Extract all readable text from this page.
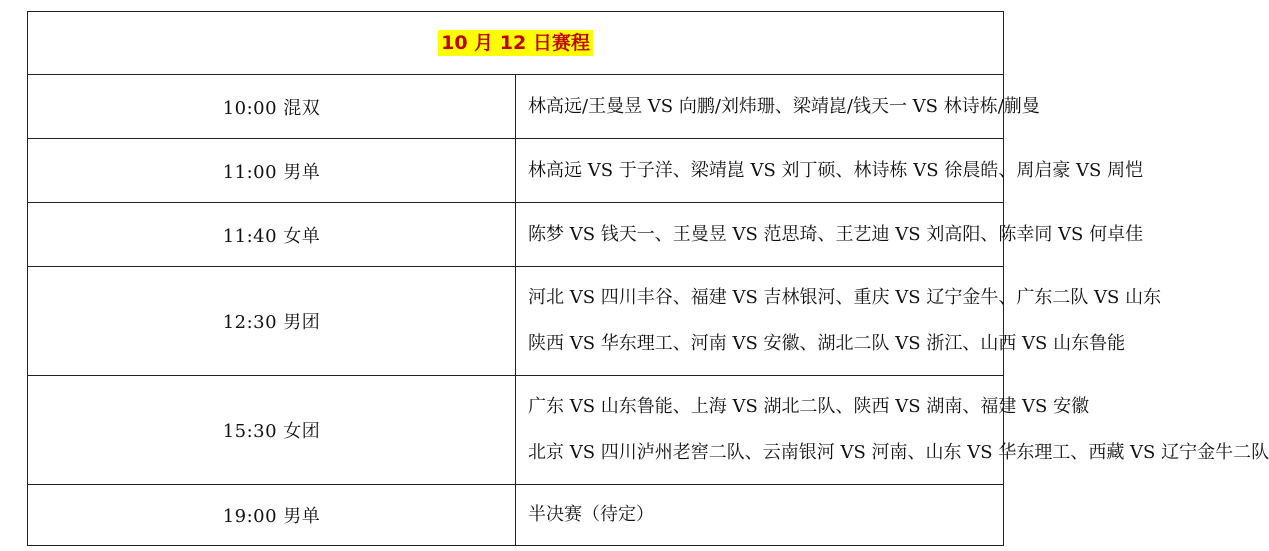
10 月 12 日赛程	
10:00 混双	林高远/王曼昱 VS 向鹏/刘炜珊、梁靖崑/钱天一 VS 林诗栋/蒯曼

11:00 男单	林高远 VS 于子洋、梁靖崑 VS 刘丁硕、林诗栋 VS 徐晨皓、周启豪 VS 周恺

11:40 女单	陈梦 VS 钱天一、王曼昱 VS 范思琦、王艺迪 VS 刘高阳、陈幸同 VS 何卓佳

12:30 男团	河北 VS 四川丰谷、福建 VS 吉林银河、重庆 VS 辽宁金牛、广东二队 VS 山东
陕西 VS 华东理工、河南 VS 安徽、湖北二队 VS 浙江、山西 VS 山东鲁能

15:30 女团	广东 VS 山东鲁能、上海 VS 湖北二队、陕西 VS 湖南、福建 VS 安徽
北京 VS 四川泸州老窖二队、云南银河 VS 河南、山东 VS 华东理工、西藏 VS 辽宁金牛二队

19:00 男单	半决赛（待定）
